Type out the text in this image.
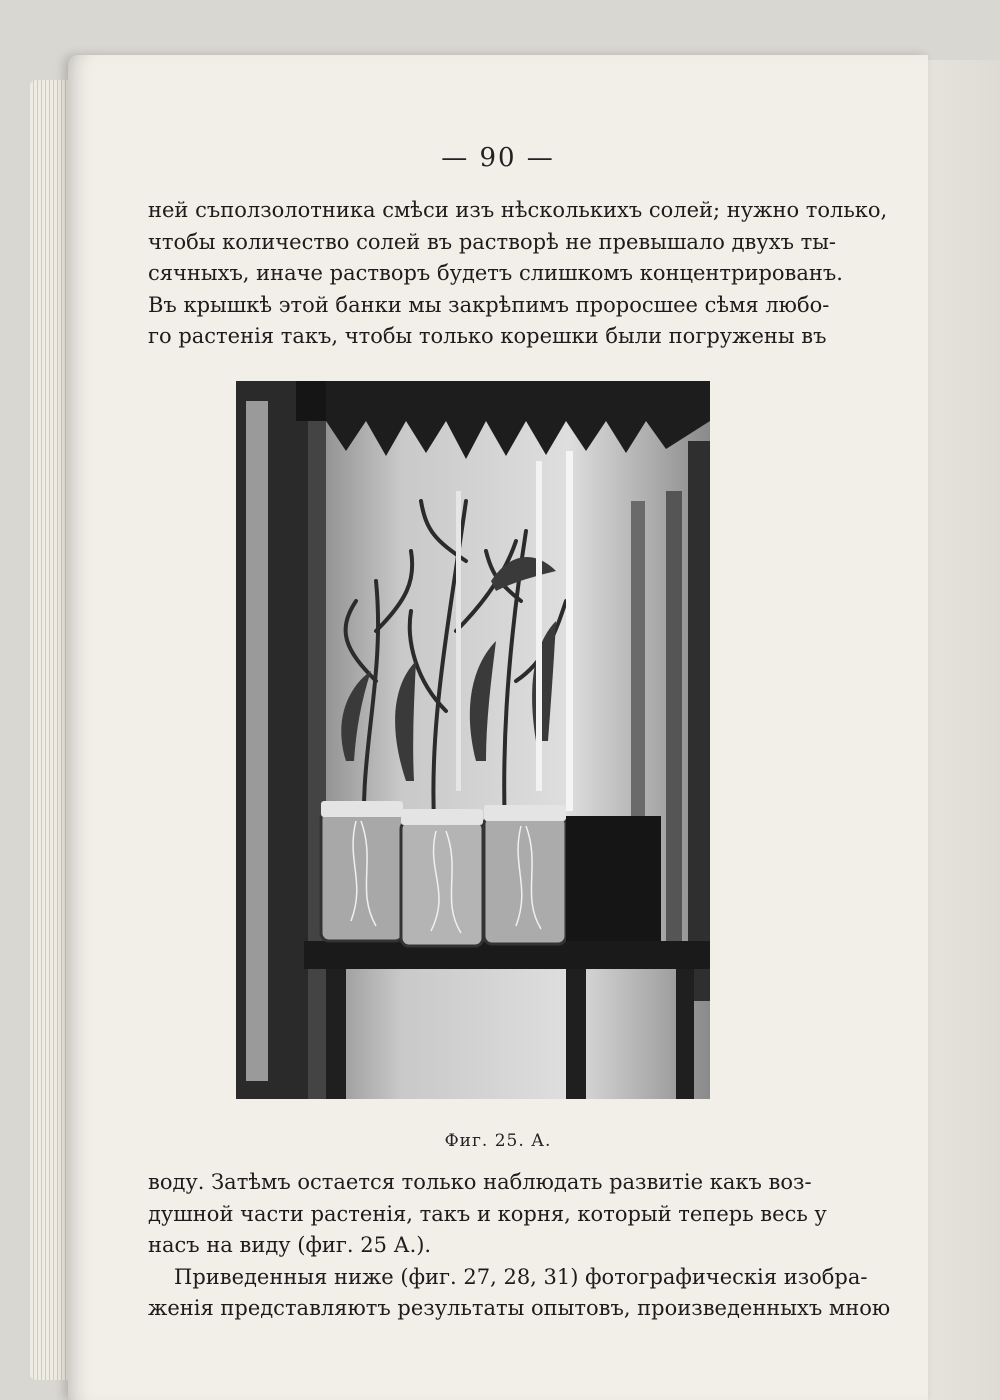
— 90 —
ней съползолотника смѣси изъ нѣсколькихъ солей; нужно только,
чтобы количество солей въ растворѣ не превышало двухъ ты-
сячныхъ, иначе растворъ будетъ слишкомъ концентрированъ.
Въ крышкѣ этой банки мы закрѣпимъ проросшее сѣмя любо-
го растенія такъ, чтобы только корешки были погружены въ
Фиг. 25. А.
воду. Затѣмъ остается только наблюдать развитіе какъ воз-
душной части растенія, такъ и корня, который теперь весь у
насъ на виду (фиг. 25 А.).
Приведенныя ниже (фиг. 27, 28, 31) фотографическія изобра-
женія представляютъ результаты опытовъ, произведенныхъ мною
